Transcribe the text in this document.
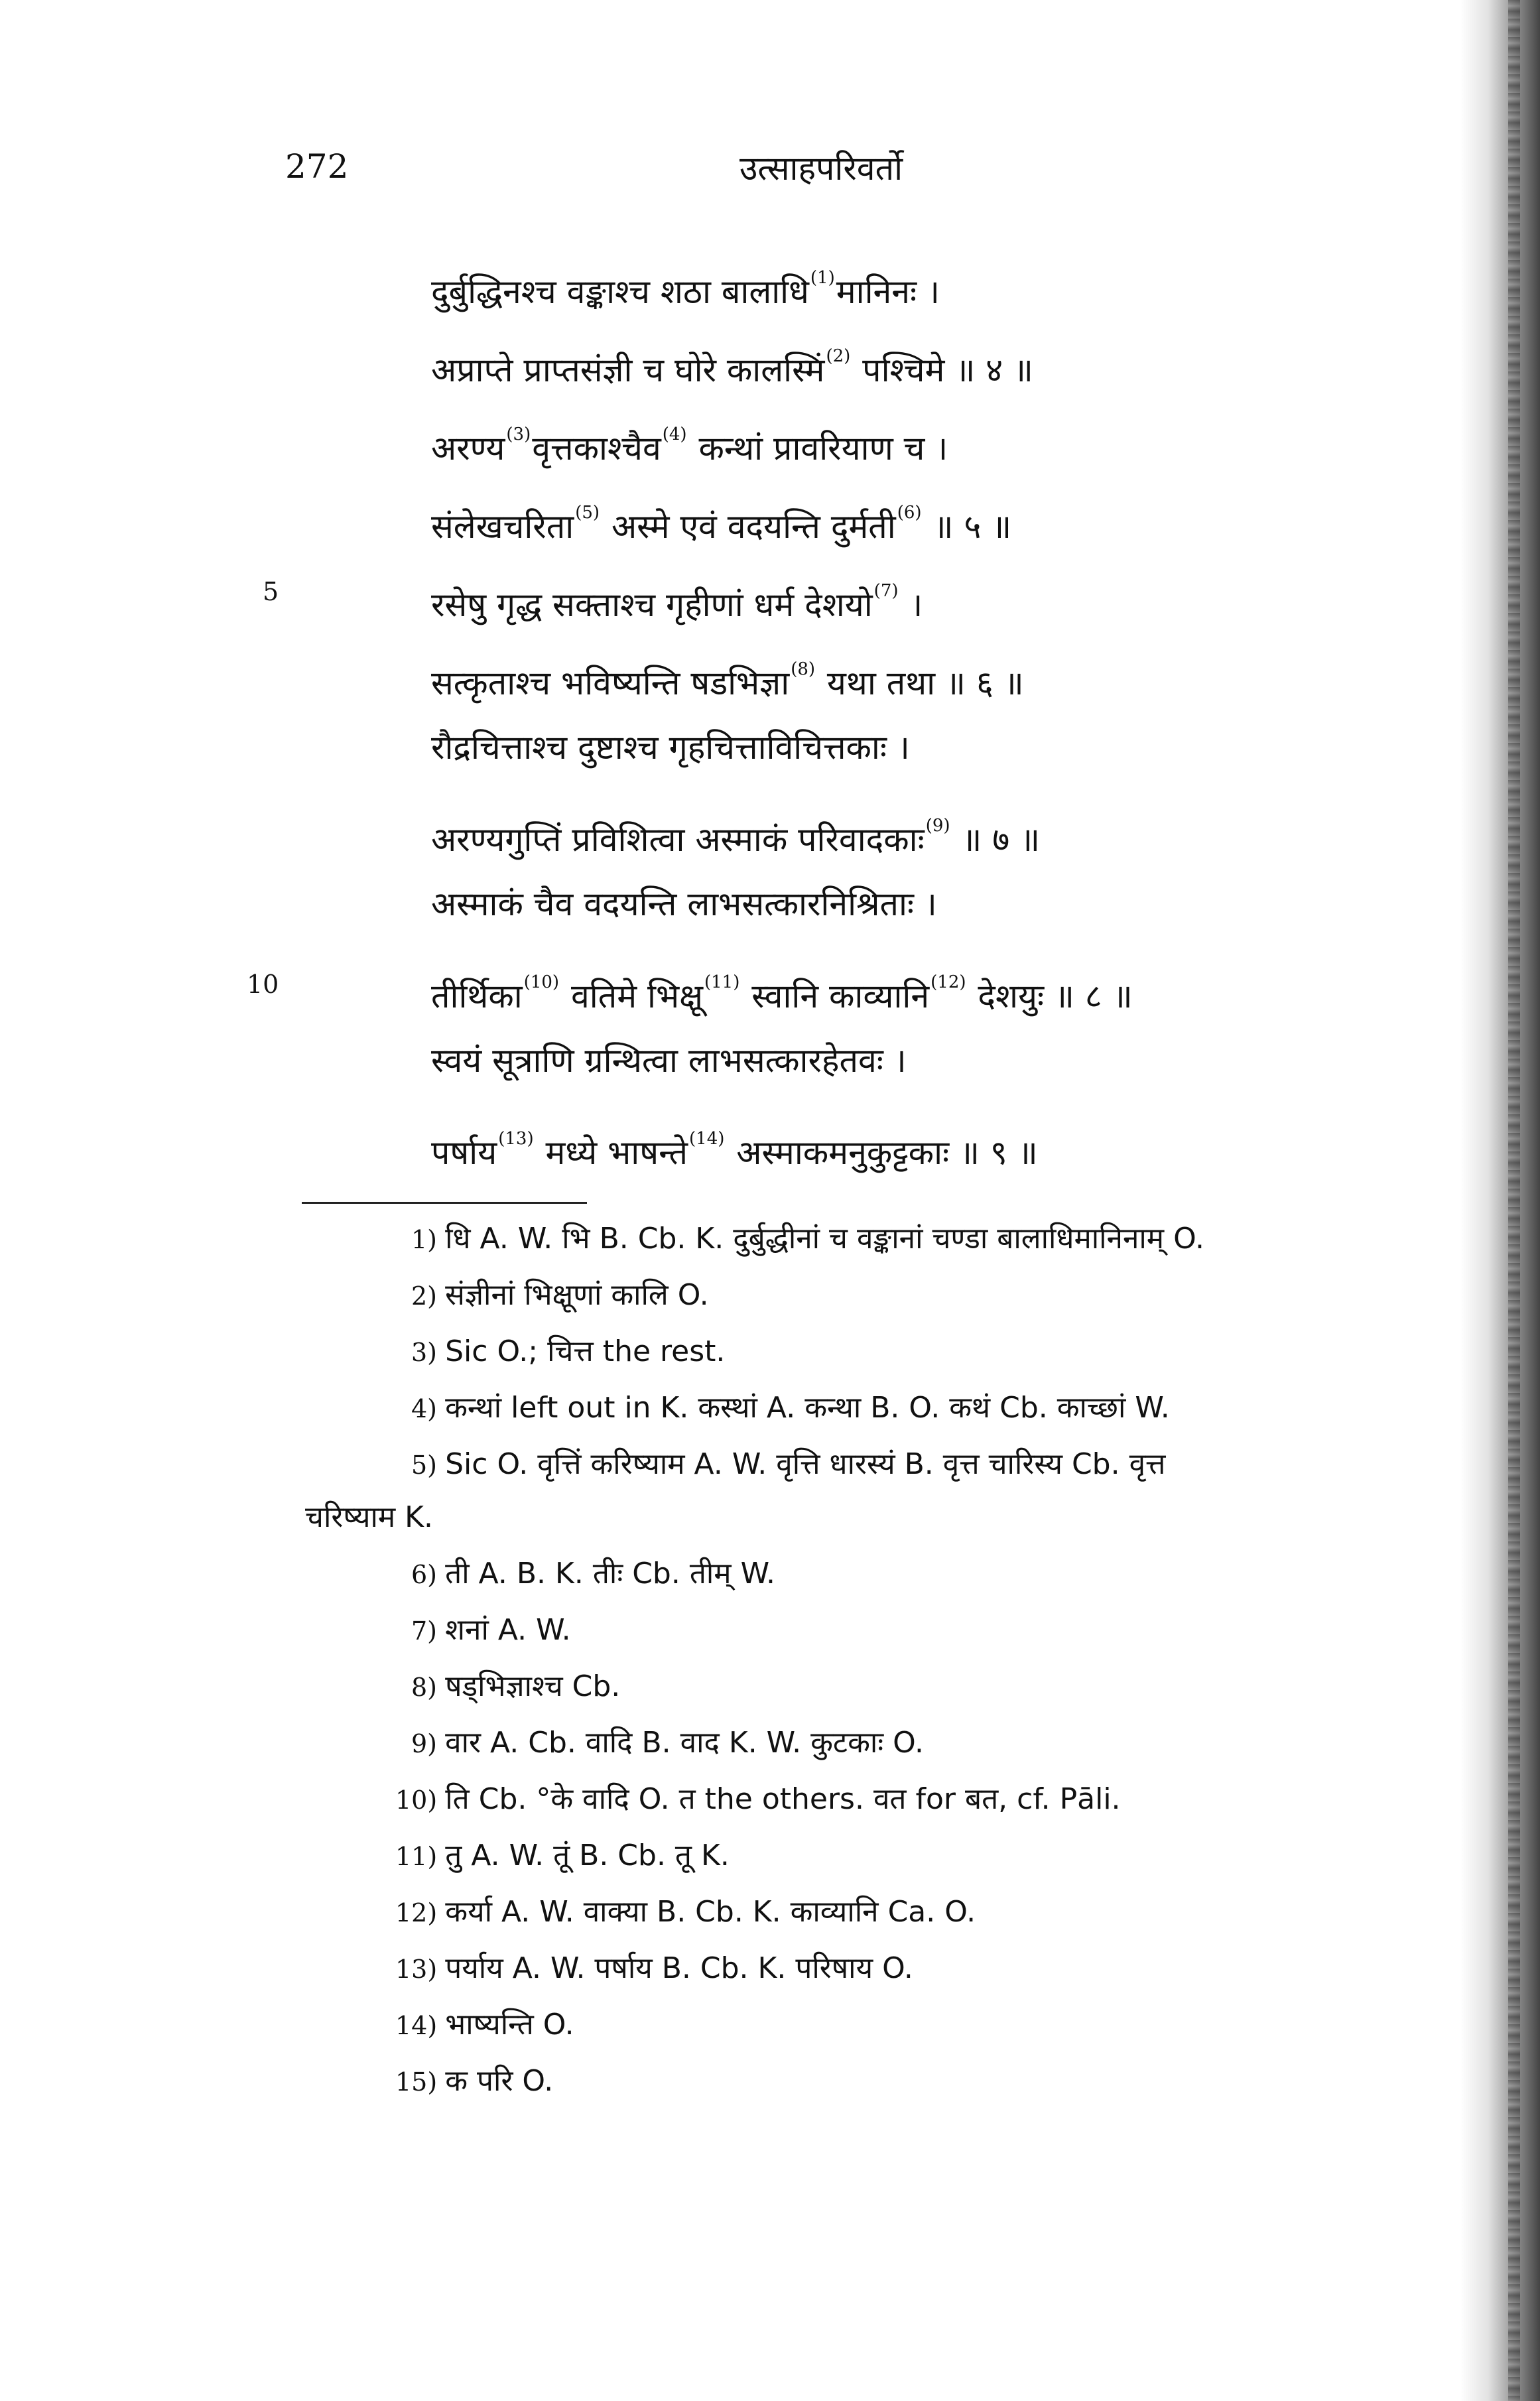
272	उत्साहपरिवर्तो
5
10
दुर्बुद्धिनश्च वङ्काश्च शठा बालाधि$^{(1)}$मानिनः ।
अप्राप्ते प्राप्तसंज्ञी च घोरे कालस्मिं$^{(2)}$ पश्चिमे ॥ ४ ॥
अरण्य$^{(3)}$वृत्तकाश्चैव$^{(4)}$ कन्थां प्रावरियाण च ।
संलेखचरिता$^{(5)}$ अस्मे एवं वदयन्ति दुर्मती$^{(6)}$ ॥ ५ ॥
रसेषु गृद्ध सक्ताश्च गृहीणां धर्म देशयो$^{(7)}$ ।
सत्कृताश्च भविष्यन्ति षडभिज्ञा$^{(8)}$ यथा तथा ॥ ६ ॥
रौद्रचित्ताश्च दुष्टाश्च गृहचित्ताविचित्तकाः ।
अरण्यगुप्तिं प्रविशित्वा अस्माकं परिवादकाः$^{(9)}$ ॥ ७ ॥
अस्माकं चैव वदयन्ति लाभसत्कारनिश्रिताः ।
तीर्थिका$^{(10)}$ वतिमे भिक्षू$^{(11)}$ स्वानि काव्यानि$^{(12)}$ देशयुः ॥ ८ ॥
स्वयं सूत्राणि ग्रन्थित्वा लाभसत्कारहेतवः ।
पर्षाय$^{(13)}$ मध्ये भाषन्ते$^{(14)}$ अस्माकमनुकुट्टकाः ॥ ९ ॥
1) धि A. W. भि B. Cb. K. दुर्बुद्धीनां च वङ्कानां चण्डा बालाधिमानिनाम् O.
2) संज्ञीनां भिक्षूणां कालि O.
3) Sic O.; चित्त the rest.
4) कन्थां left out in K. कस्थां A. कन्था B. O. कथं Cb. काच्छां W.
5) Sic O. वृत्तिं करिष्याम A. W. वृत्ति धारस्यं B. वृत्त चारिस्य Cb. वृत्त
चरिष्याम K.
6) ती A. B. K. तीः Cb. तीम् W.
7) शनां A. W.
8) षड्भिज्ञाश्च Cb.
9) वार A. Cb. वादि B. वाद K. W. कुटकाः O.
10) ति Cb. °के वादि O. त the others. वत for बत, cf. Pāli.
11) तु A. W. तूं B. Cb. तू K.
12) कर्या A. W. वाक्या B. Cb. K. काव्यानि Ca. O.
13) पर्याय A. W. पर्षाय B. Cb. K. परिषाय O.
14) भाष्यन्ति O.
15) क परि O.
